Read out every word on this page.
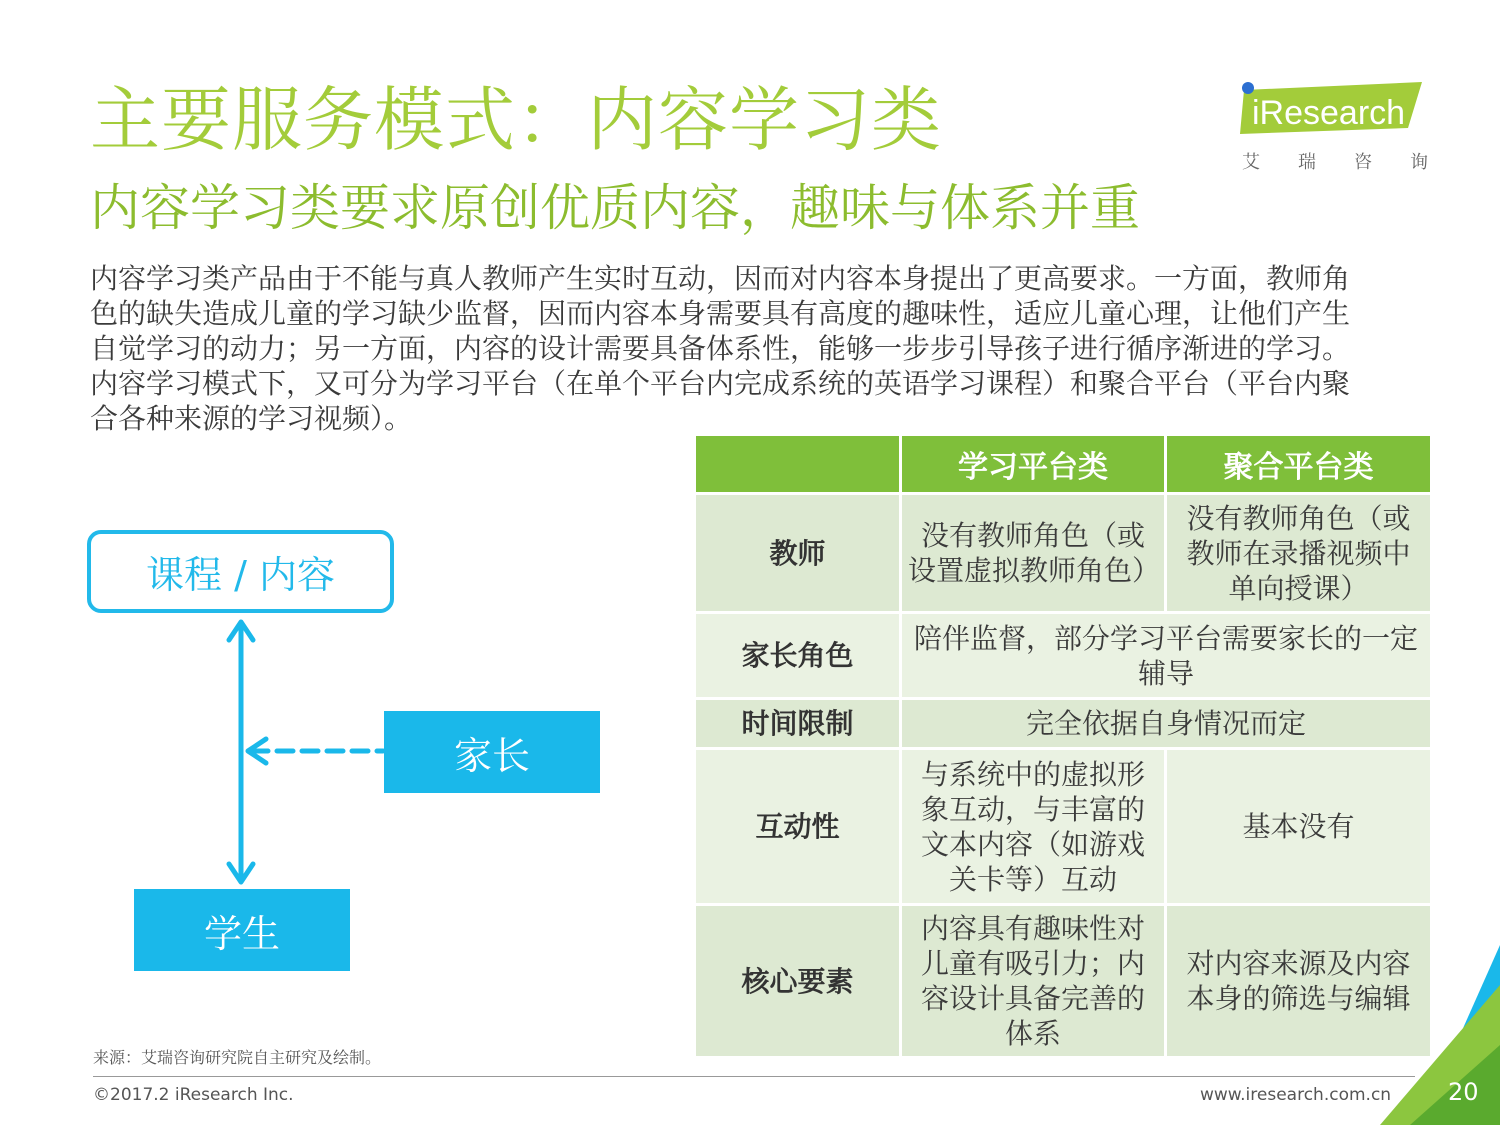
主要服务模式：内容学习类
内容学习类要求原创优质内容，趣味与体系并重
iResearch
艾 瑞 咨 询

内容学习类产品由于不能与真人教师产生实时互动，因而对内容本身提出了更高要求。一方面，教师角

色的缺失造成儿童的学习缺少监督，因而内容本身需要具有高度的趣味性，适应儿童心理，让他们产生

自觉学习的动力；另一方面，内容的设计需要具备体系性，能够一步步引导孩子进行循序渐进的学习。

内容学习模式下，又可分为学习平台（在单个平台内完成系统的英语学习课程）和聚合平台（平台内聚

合各种来源的学习视频）。

课程 / 内容
家长
学生
	学习平台类	聚合平台类
教师	没有教师角色（或设置虚拟教师角色）	没有教师角色（或教师在录播视频中单向授课）
家长角色	陪伴监督，部分学习平台需要家长的一定辅导	
时间限制	完全依据自身情况而定	
互动性	与系统中的虚拟形象互动，与丰富的文本内容（如游戏关卡等）互动	基本没有
核心要素	内容具有趣味性对儿童有吸引力；内容设计具备完善的体系	对内容来源及内容本身的筛选与编辑
来源：艾瑞咨询研究院自主研究及绘制。
©2017.2 iResearch Inc.	www.iresearch.com.cn 20
